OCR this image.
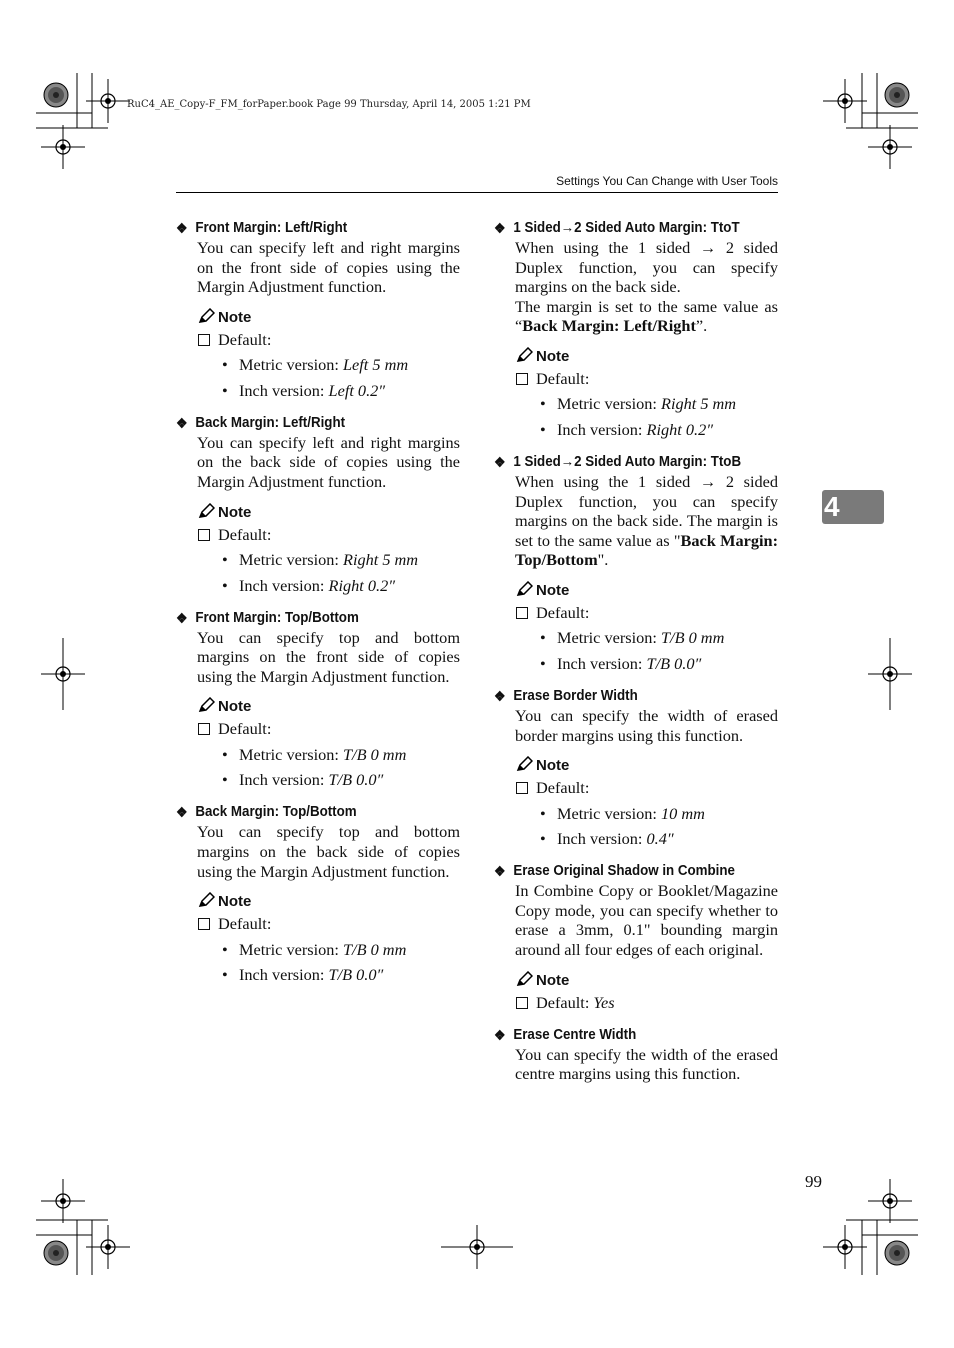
RuC4_AE_Copy-F_FM_forPaper.book Page 99 Thursday, April 14, 2005 1:21 PM
Settings You Can Change with User Tools
4
❖ Front Margin: Left/Right
You can specify left and right margins on the front side of copies using the Margin Adjustment function.
Note
Default:
• Metric version: Left 5 mm
• Inch version: Left 0.2″
❖ Back Margin: Left/Right
You can specify left and right margins on the back side of copies using the Margin Adjustment function.
Note
Default:
• Metric version: Right 5 mm
• Inch version: Right 0.2″
❖ Front Margin: Top/Bottom
You can specify top and bottom margins on the front side of copies using the Margin Adjustment function.
Note
Default:
• Metric version: T/B 0 mm
• Inch version: T/B 0.0″
❖ Back Margin: Top/Bottom
You can specify top and bottom margins on the back side of copies using the Margin Adjustment function.
Note
Default:
• Metric version: T/B 0 mm
• Inch version: T/B 0.0″
❖ 1 Sided→2 Sided Auto Margin: TtoT
When using the 1 sided → 2 sided Duplex function, you can specify margins on the back side.
The margin is set to the same value as “Back Margin: Left/Right”.
Note
Default:
• Metric version: Right 5 mm
• Inch version: Right 0.2″
❖ 1 Sided→2 Sided Auto Margin: TtoB
When using the 1 sided → 2 sided Duplex function, you can specify margins on the back side. The margin is set to the same value as "Back Margin: Top/Bottom".
Note
Default:
• Metric version: T/B 0 mm
• Inch version: T/B 0.0″
❖ Erase Border Width
You can specify the width of erased border margins using this function.
Note
Default:
• Metric version: 10 mm
• Inch version: 0.4″
❖ Erase Original Shadow in Combine
In Combine Copy or Booklet/Magazine Copy mode, you can specify whether to erase a 3mm, 0.1" bounding margin around all four edges of each original.
Note
Default: Yes
❖ Erase Centre Width
You can specify the width of the erased centre margins using this function.
99
